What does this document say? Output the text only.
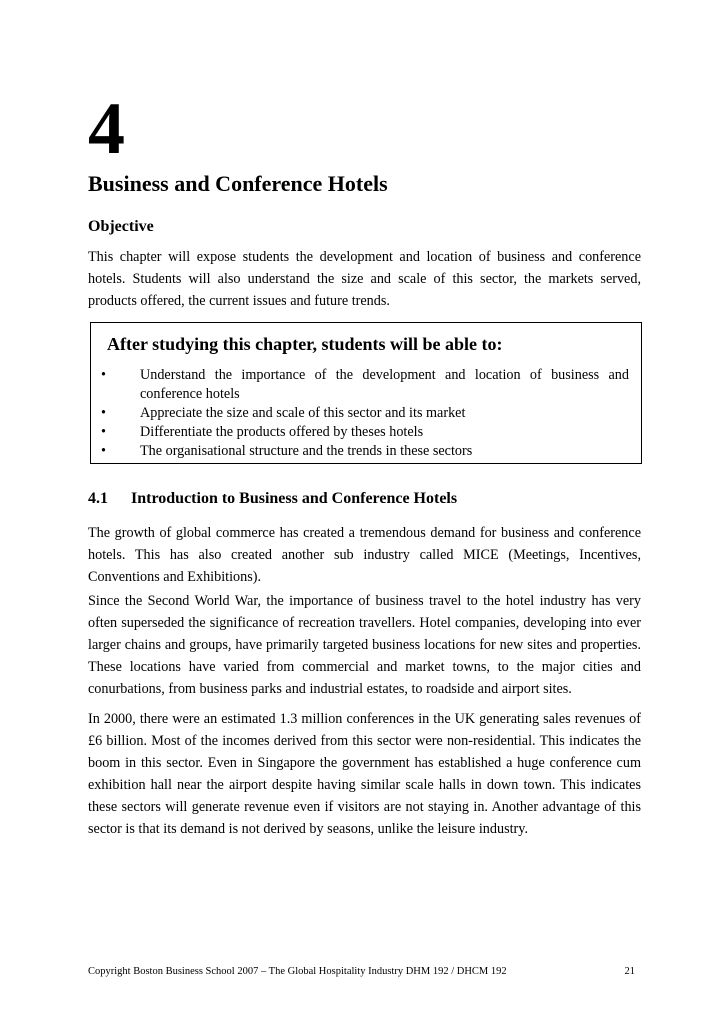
4
Business and Conference Hotels
Objective

This chapter will expose students the development and location of business and conference hotels. Students will also understand the size and scale of this sector, the markets served, products offered, the current issues and future trends.

After studying this chapter, students will be able to:
•	Understand the importance of the development and location of business and conference hotels
•	Appreciate the size and scale of this sector and its market
•	Differentiate the products offered by theses hotels
•	The organisational structure and the trends in these sectors
4.1 Introduction to Business and Conference Hotels

The growth of global commerce has created a tremendous demand for business and conference hotels. This has also created another sub industry called MICE (Meetings, Incentives, Conventions and Exhibitions).

Since the Second World War, the importance of business travel to the hotel industry has very often superseded the significance of recreation travellers. Hotel companies, developing into ever larger chains and groups, have primarily targeted business locations for new sites and properties. These locations have varied from commercial and market towns, to the major cities and conurbations, from business parks and industrial estates, to roadside and airport sites.

In 2000, there were an estimated 1.3 million conferences in the UK generating sales revenues of £6 billion. Most of the incomes derived from this sector were non-residential. This indicates the boom in this sector. Even in Singapore the government has established a huge conference cum exhibition hall near the airport despite having similar scale halls in down town. This indicates these sectors will generate revenue even if visitors are not staying in. Another advantage of this sector is that its demand is not derived by seasons, unlike the leisure industry.

Copyright Boston Business School 2007 – The Global Hospitality Industry DHM 192 / DHCM 192	21
